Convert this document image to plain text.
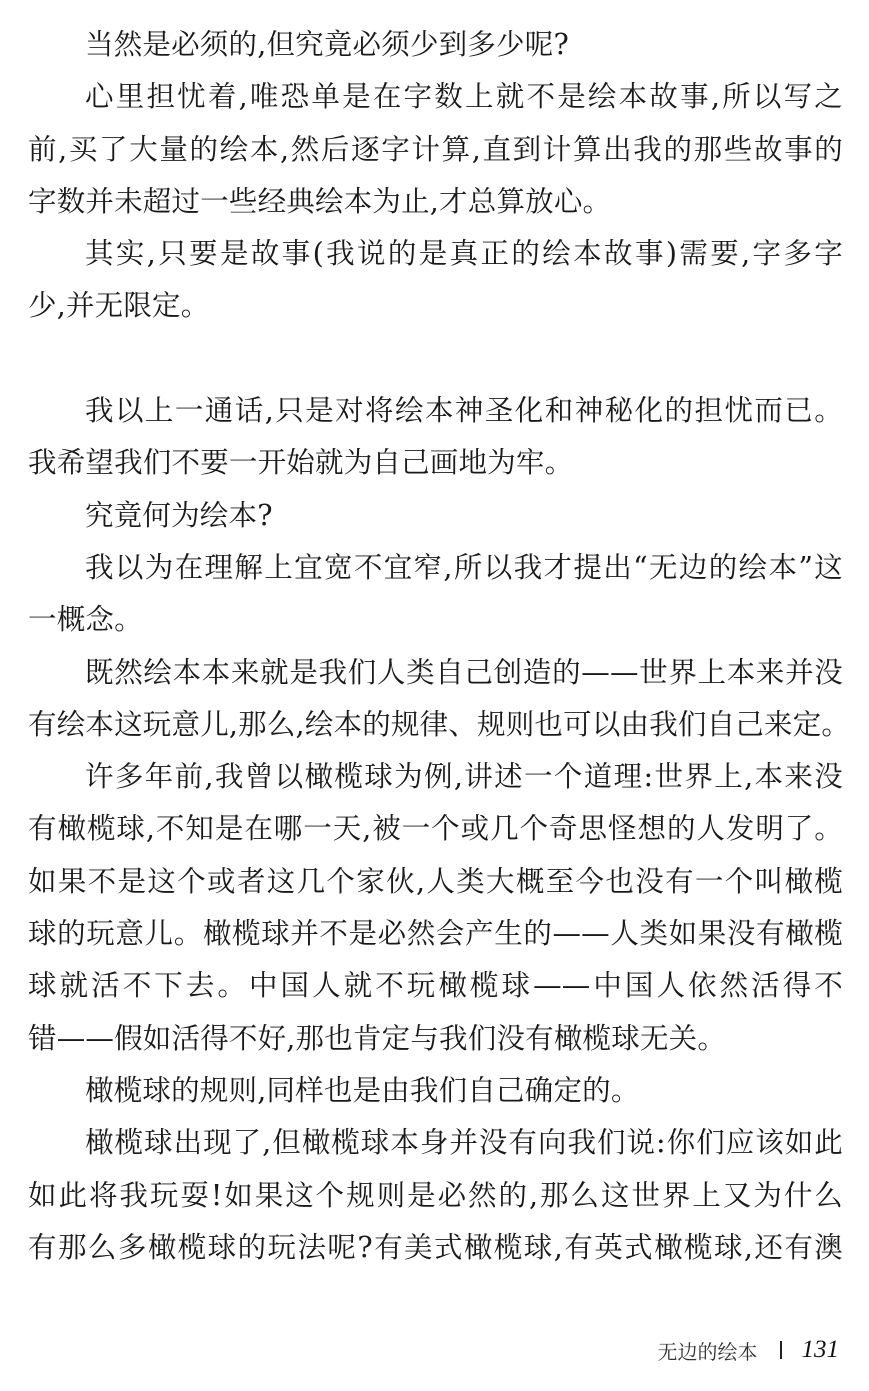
当然是必须的,但究竟必须少到多少呢?
心里担忧着,唯恐单是在字数上就不是绘本故事,所以写之
前,买了大量的绘本,然后逐字计算,直到计算出我的那些故事的
字数并未超过一些经典绘本为止,才总算放心。
其实,只要是故事(我说的是真正的绘本故事)需要,字多字
少,并无限定。
我以上一通话,只是对将绘本神圣化和神秘化的担忧而已。
我希望我们不要一开始就为自己画地为牢。
究竟何为绘本?
我以为在理解上宜宽不宜窄,所以我才提出“无边的绘本”这
一概念。
既然绘本本来就是我们人类自己创造的——世界上本来并没
有绘本这玩意儿,那么,绘本的规律、规则也可以由我们自己来定。
许多年前,我曾以橄榄球为例,讲述一个道理:世界上,本来没
有橄榄球,不知是在哪一天,被一个或几个奇思怪想的人发明了。
如果不是这个或者这几个家伙,人类大概至今也没有一个叫橄榄
球的玩意儿。橄榄球并不是必然会产生的——人类如果没有橄榄
球就活不下去。中国人就不玩橄榄球——中国人依然活得不
错——假如活得不好,那也肯定与我们没有橄榄球无关。
橄榄球的规则,同样也是由我们自己确定的。
橄榄球出现了,但橄榄球本身并没有向我们说:你们应该如此
如此将我玩耍!如果这个规则是必然的,那么这世界上又为什么
有那么多橄榄球的玩法呢?有美式橄榄球,有英式橄榄球,还有澳
无边的绘本 131
